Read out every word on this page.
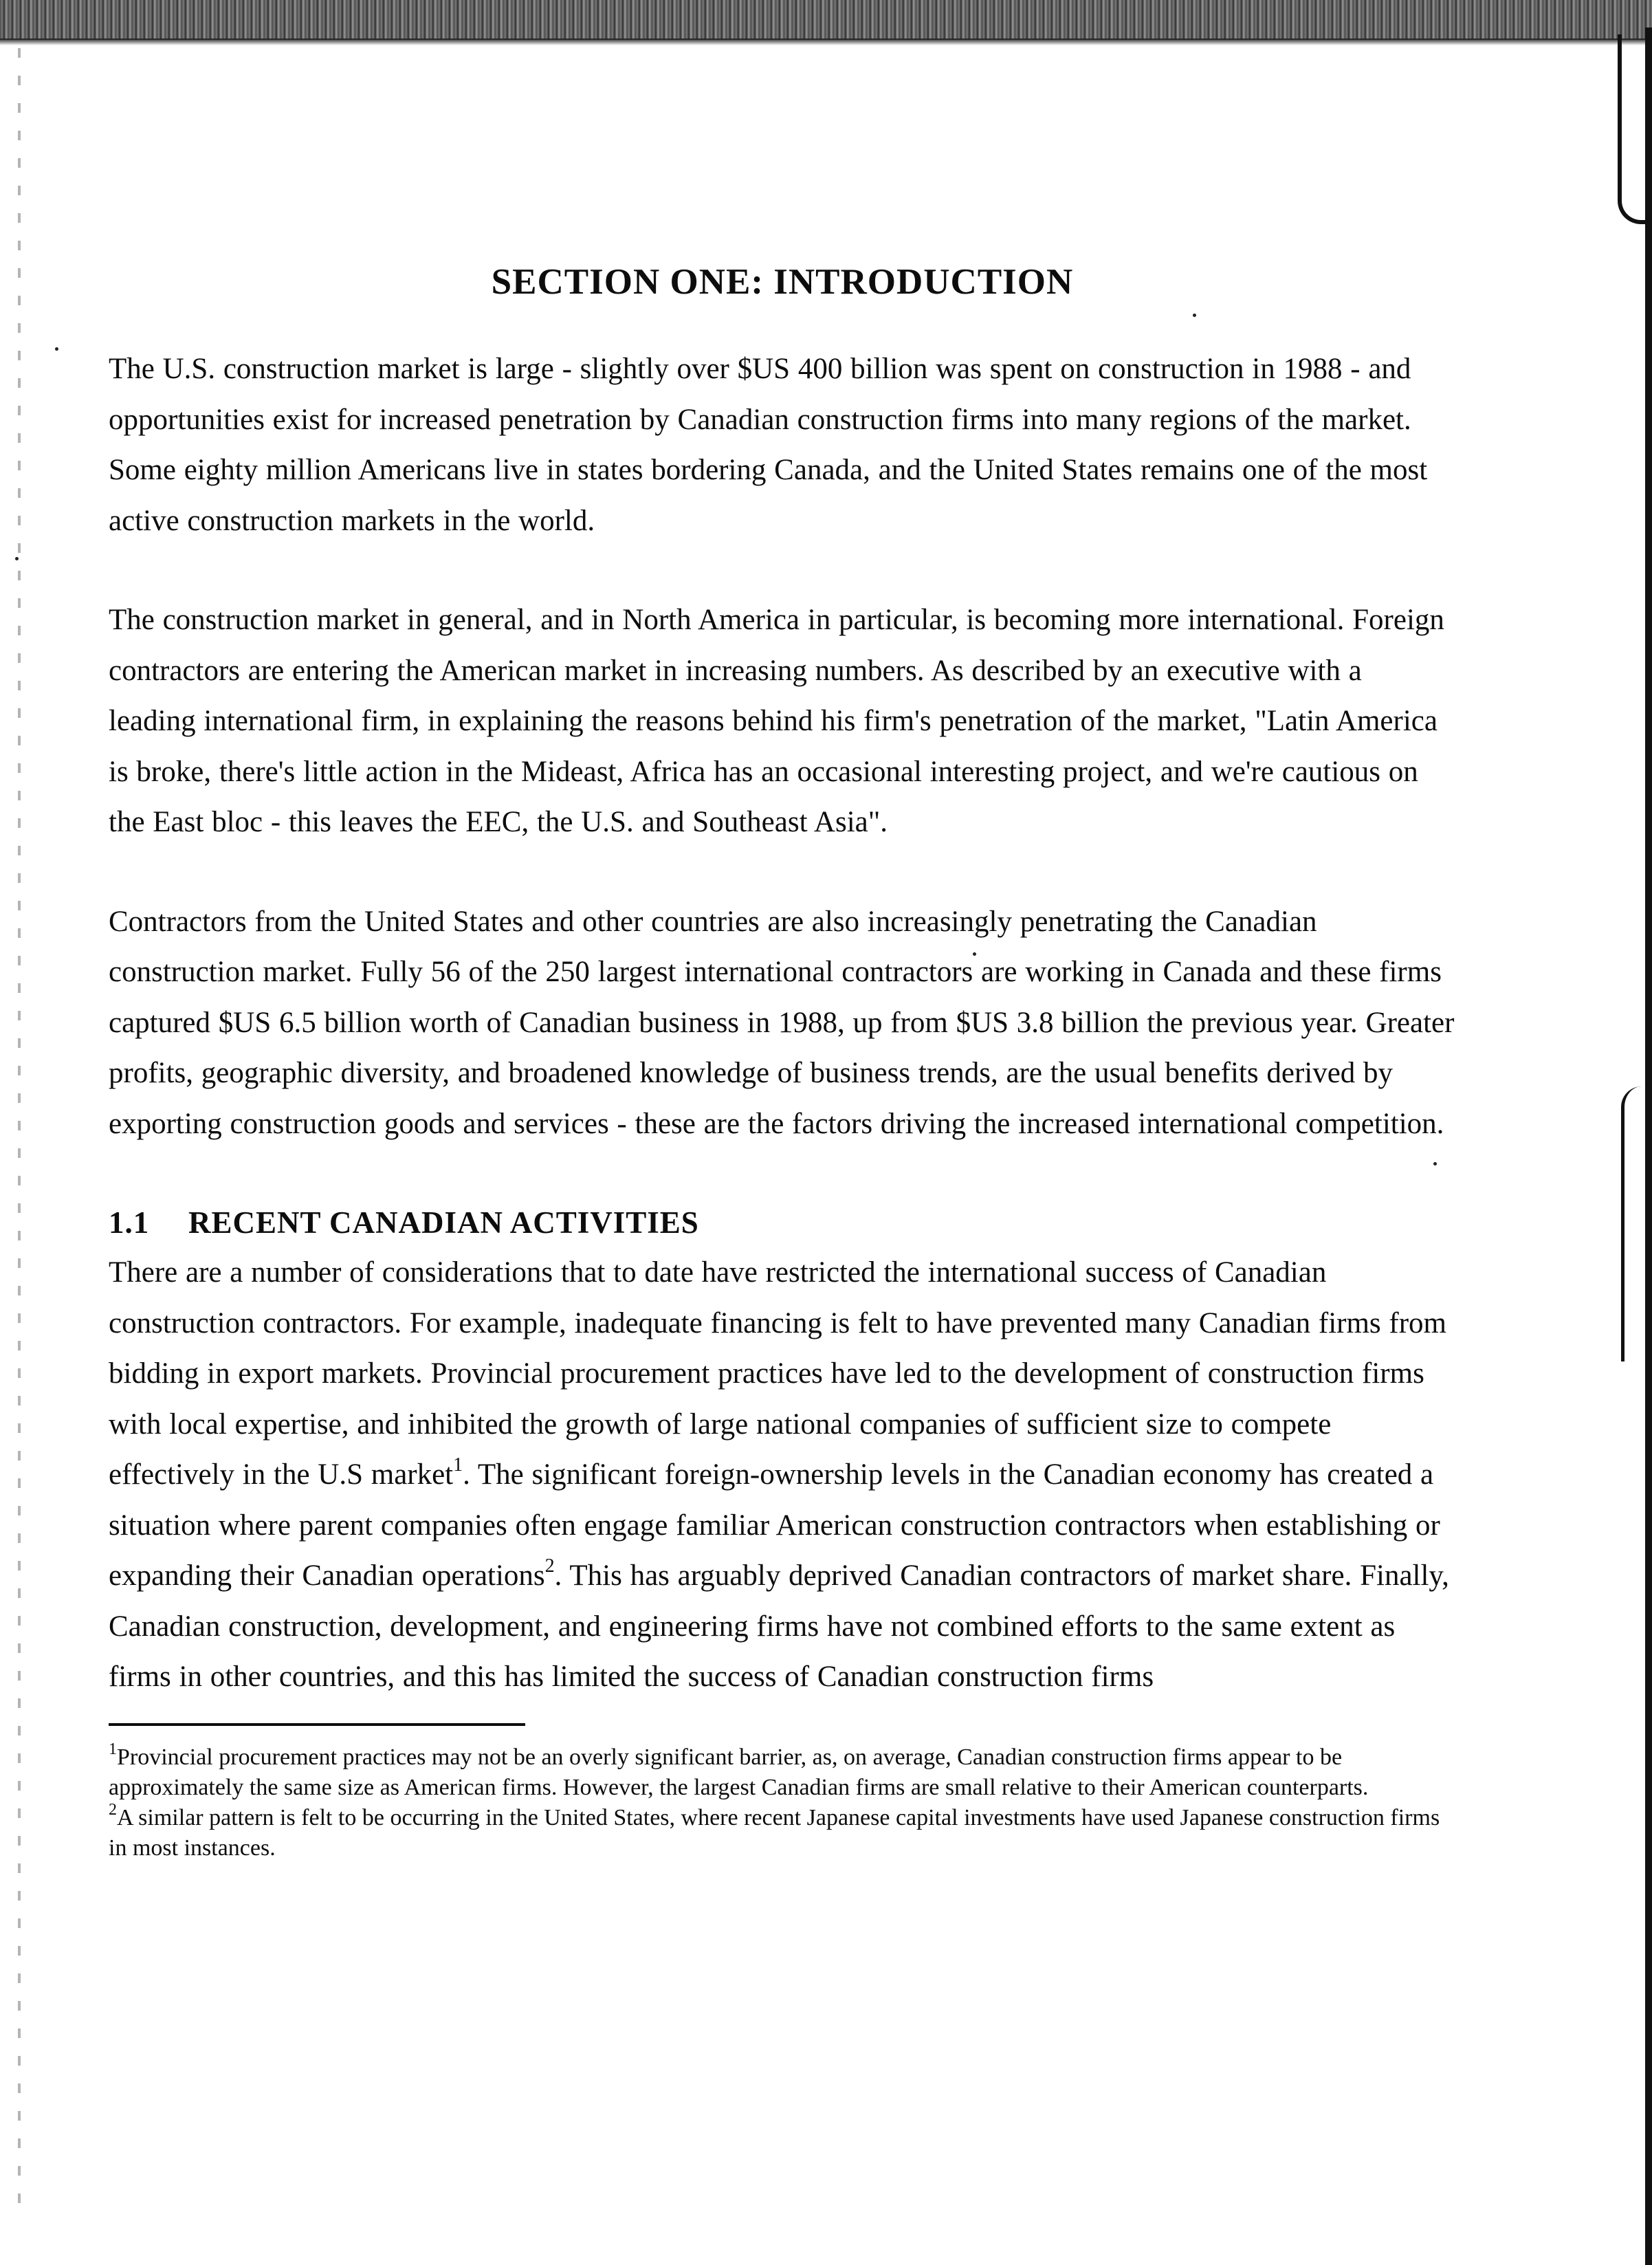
SECTION ONE: INTRODUCTION

The U.S. construction market is large - slightly over $US 400 billion was spent on construction in 1988 - and opportunities exist for increased penetration by Canadian construction firms into many regions of the market. Some eighty million Americans live in states bordering Canada, and the United States remains one of the most active construction markets in the world.

The construction market in general, and in North America in particular, is becoming more international. Foreign contractors are entering the American market in increasing numbers. As described by an executive with a leading international firm, in explaining the reasons behind his firm's penetration of the market, "Latin America is broke, there's little action in the Mideast, Africa has an occasional interesting project, and we're cautious on the East bloc - this leaves the EEC, the U.S. and Southeast Asia".

Contractors from the United States and other countries are also increasingly penetrating the Canadian construction market. Fully 56 of the 250 largest international contractors are working in Canada and these firms captured $US 6.5 billion worth of Canadian business in 1988, up from $US 3.8 billion the previous year. Greater profits, geographic diversity, and broadened knowledge of business trends, are the usual benefits derived by exporting construction goods and services - these are the factors driving the increased international competition.

1.1 RECENT CANADIAN ACTIVITIES

There are a number of considerations that to date have restricted the international success of Canadian construction contractors. For example, inadequate financing is felt to have prevented many Canadian firms from bidding in export markets. Provincial procurement practices have led to the development of construction firms with local expertise, and inhibited the growth of large national companies of sufficient size to compete effectively in the U.S market$^1$. The significant foreign-ownership levels in the Canadian economy has created a situation where parent companies often engage familiar American construction contractors when establishing or expanding their Canadian operations$^2$. This has arguably deprived Canadian contractors of market share. Finally, Canadian construction, development, and engineering firms have not combined efforts to the same extent as firms in other countries, and this has limited the success of Canadian construction firms

$^1$Provincial procurement practices may not be an overly significant barrier, as, on average, Canadian construction firms appear to be approximately the same size as American firms. However, the largest Canadian firms are small relative to their American counterparts.

$^2$A similar pattern is felt to be occurring in the United States, where recent Japanese capital investments have used Japanese construction firms in most instances.
